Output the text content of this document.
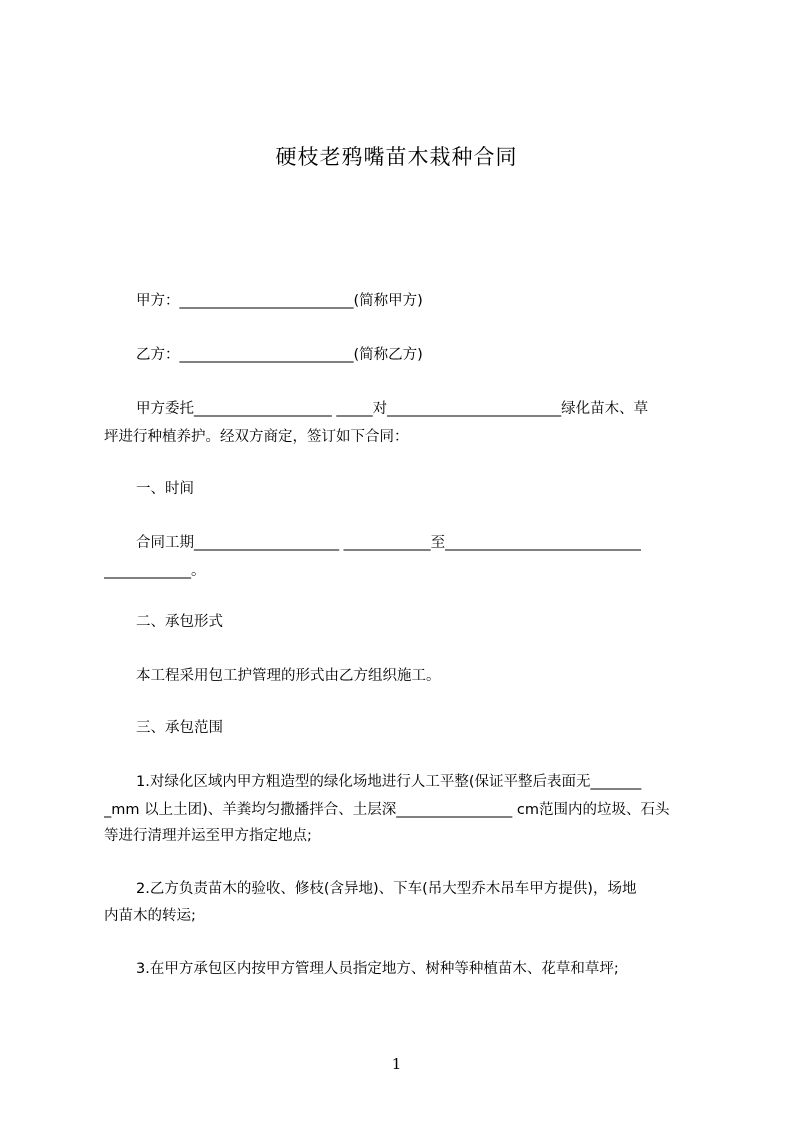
硬枝老鸦嘴苗木栽种合同
甲方：________________________(简称甲方)
乙方：________________________(简称乙方)
甲方委托___________________ _____对________________________绿化苗木、草
坪进行种植养护。经双方商定，签订如下合同：
一、时间
合同工期____________________ ____________至___________________________
____________。
二、承包形式
本工程采用包工护管理的形式由乙方组织施工。
三、承包范围
1.对绿化区域内甲方粗造型的绿化场地进行人工平整(保证平整后表面无_______
_mm 以上土团)、羊粪均匀撒播拌合、土层深________________ cm范围内的垃圾、石头
等进行清理并运至甲方指定地点;
2.乙方负责苗木的验收、修枝(含异地)、下车(吊大型乔木吊车甲方提供)，场地
内苗木的转运;
3.在甲方承包区内按甲方管理人员指定地方、树种等种植苗木、花草和草坪;
1
